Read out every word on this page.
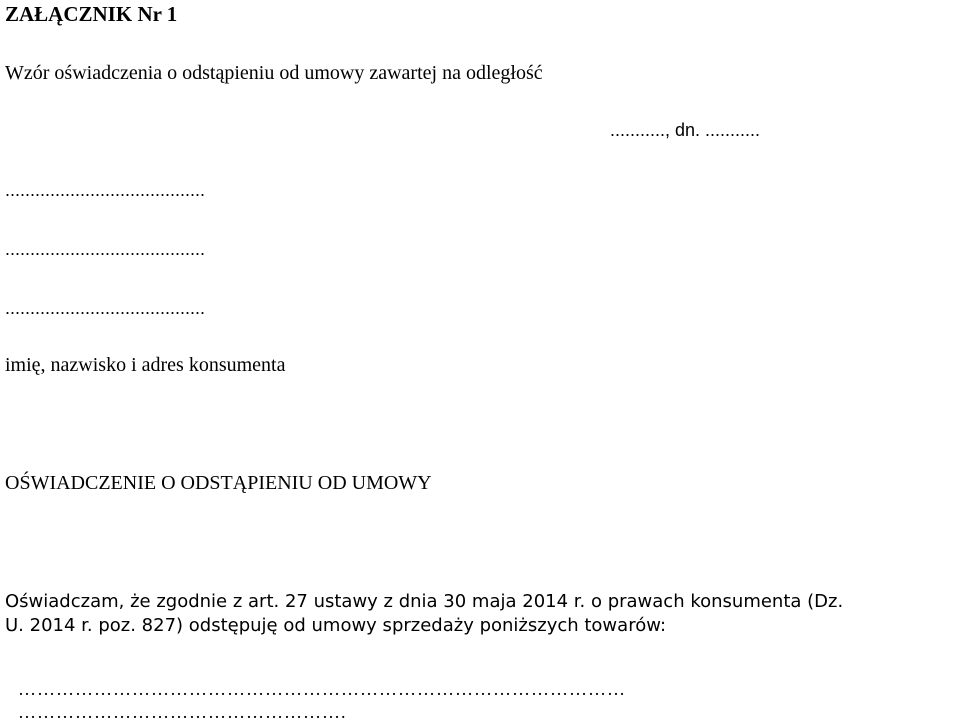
ZAŁĄCZNIK Nr 1
Wzór oświadczenia o odstąpieniu od umowy zawartej na odległość
..........., dn. ...........
........................................
........................................
........................................
imię, nazwisko i adres konsumenta
OŚWIADCZENIE O ODSTĄPIENIU OD UMOWY
Oświadczam, że zgodnie z art. 27 ustawy z dnia 30 maja 2014 r. o prawach konsumenta (Dz.
U. 2014 r. poz. 827) odstępuję od umowy sprzedaży poniższych towarów:
……………………………………………………………………………………
…………………………………………….
